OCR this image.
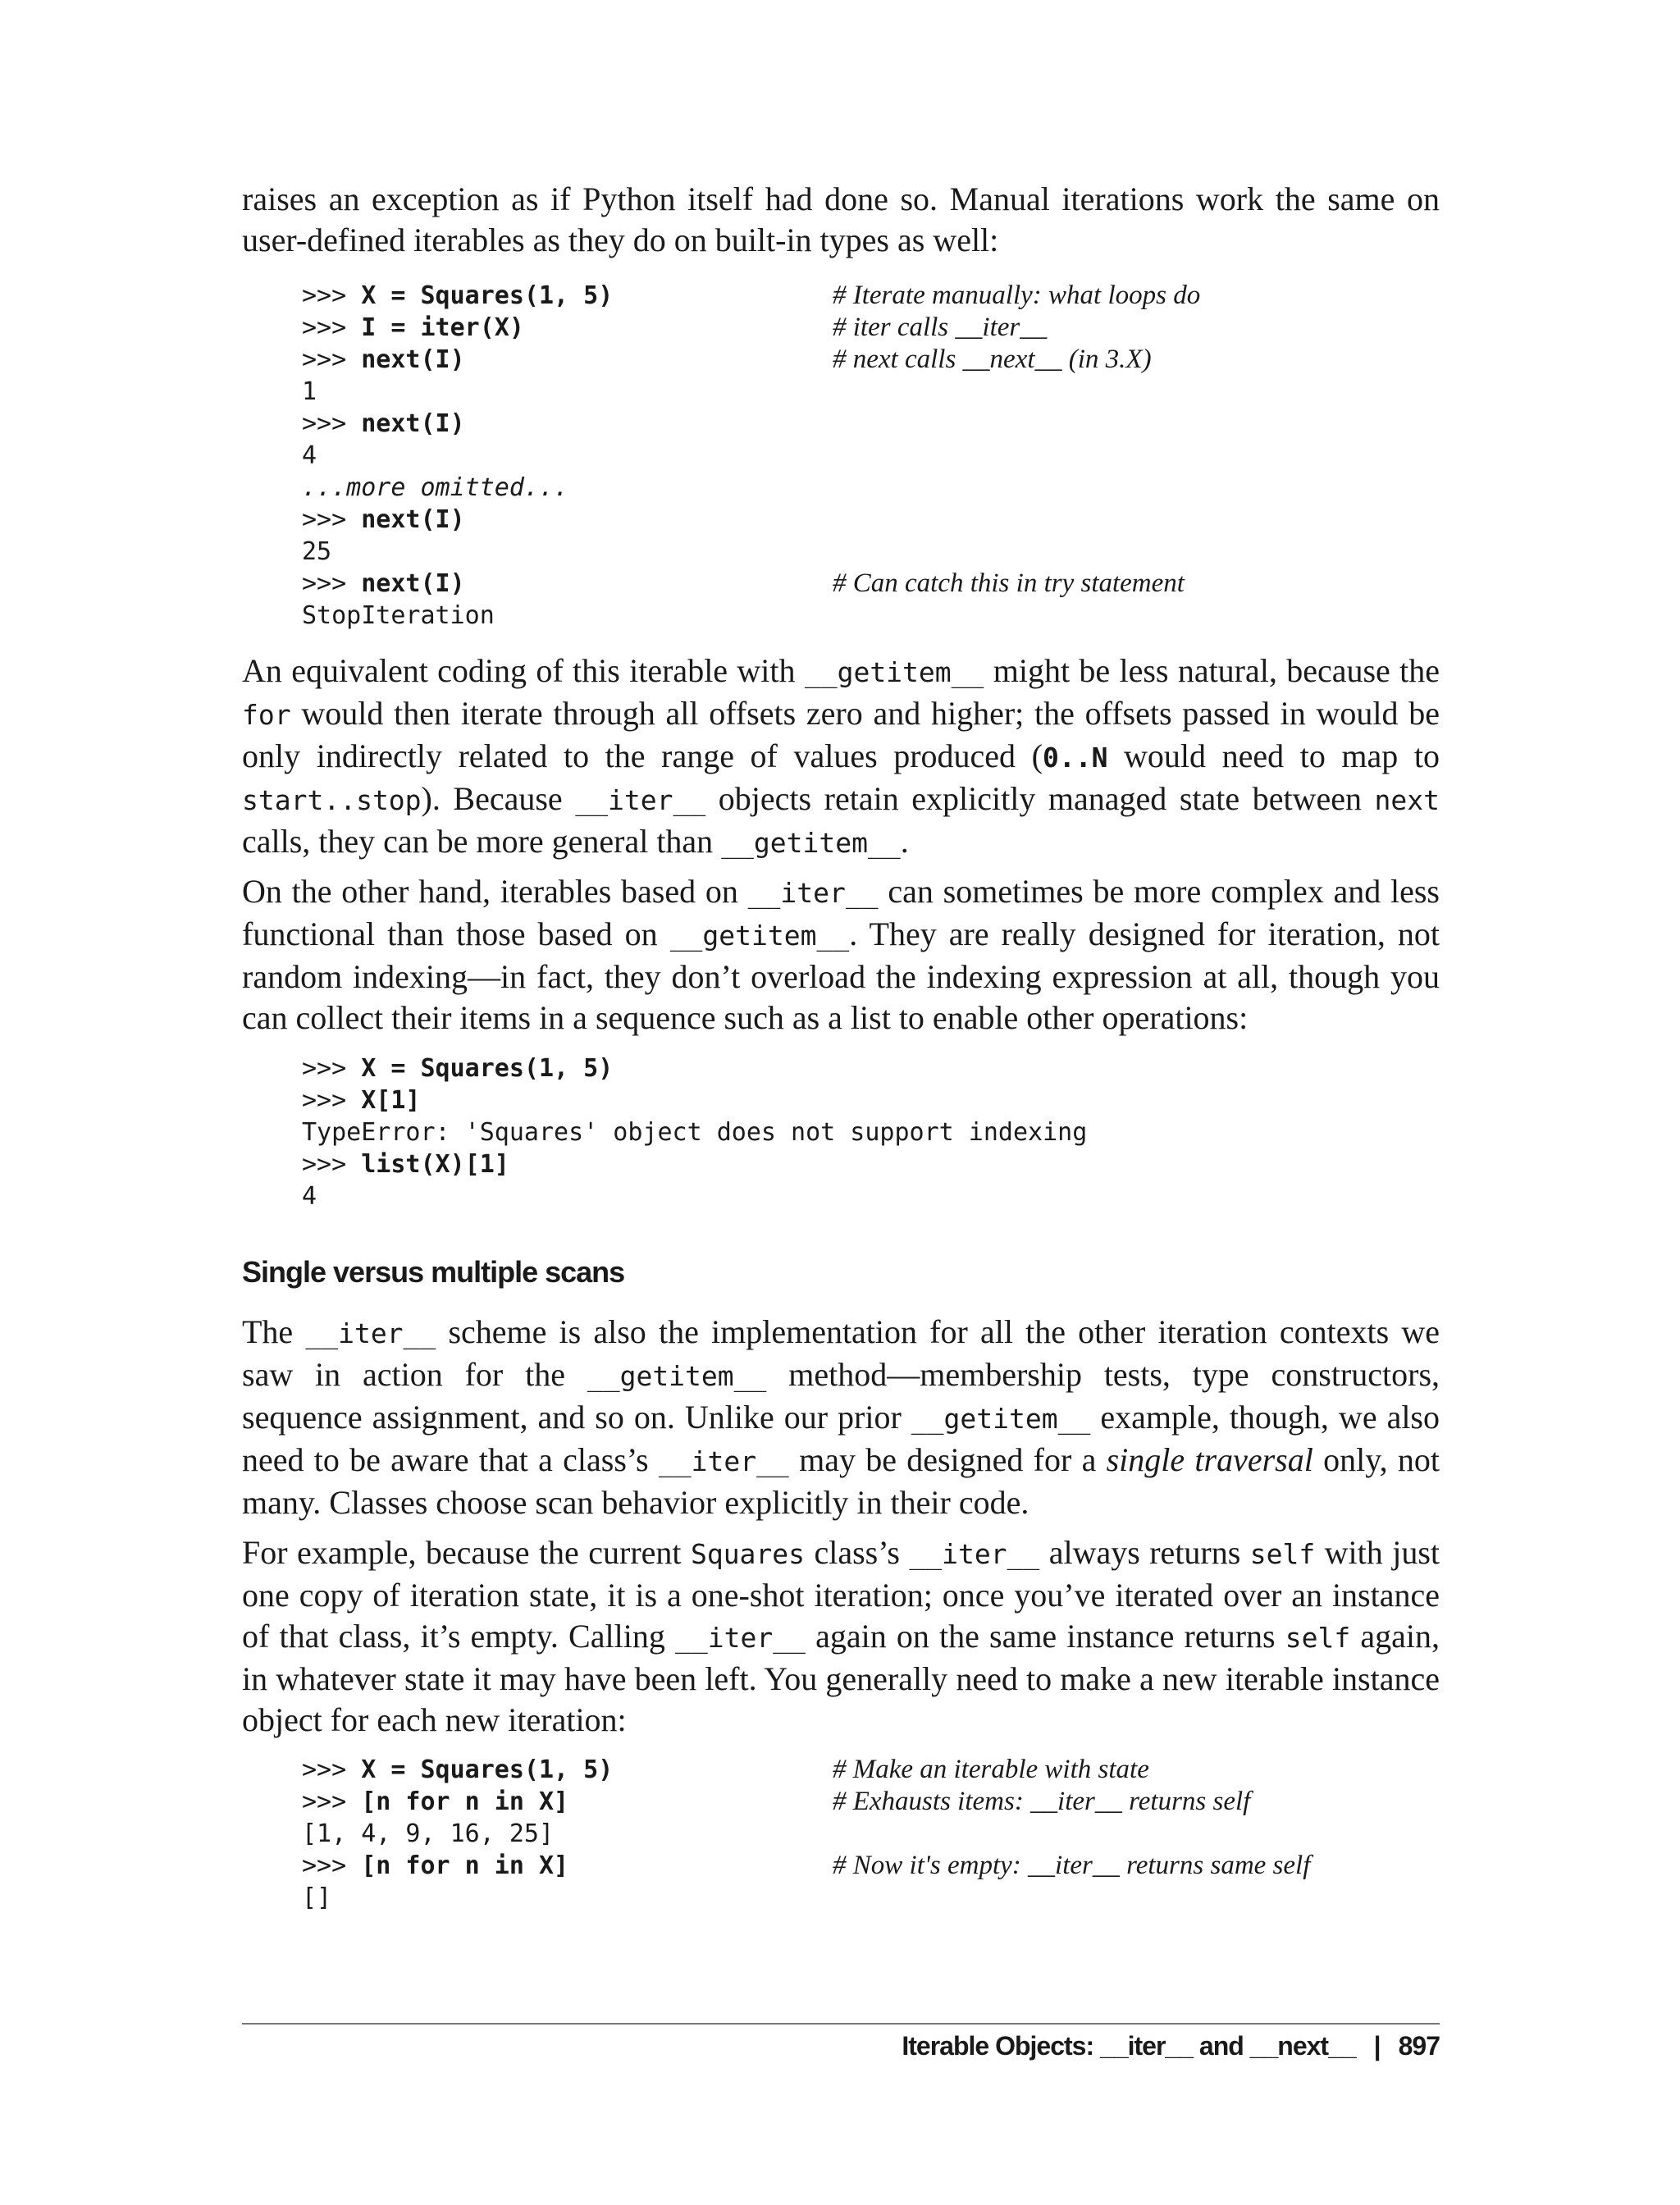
raises an exception as if Python itself had done so. Manual iterations work the same on user-defined iterables as they do on built-in types as well:

>>> X = Squares(1, 5)	# Iterate manually: what loops do
>>> I = iter(X)	# iter calls __iter__
>>> next(I)	# next calls __next__ (in 3.X)
1
>>> next(I)
4
...more omitted...
>>> next(I)
25
>>> next(I)	# Can catch this in try statement
StopIteration

An equivalent coding of this iterable with __getitem__ might be less natural, because the for would then iterate through all offsets zero and higher; the offsets passed in would be only indirectly related to the range of values produced (0..N would need to map to start..stop). Because __iter__ objects retain explicitly managed state between next calls, they can be more general than __getitem__.

On the other hand, iterables based on __iter__ can sometimes be more complex and less functional than those based on __getitem__. They are really designed for iteration, not random indexing—in fact, they don’t overload the indexing expression at all, though you can collect their items in a sequence such as a list to enable other operations:

>>> X = Squares(1, 5)
>>> X[1]
TypeError: 'Squares' object does not support indexing
>>> list(X)[1]
4
Single versus multiple scans

The __iter__ scheme is also the implementation for all the other iteration contexts we saw in action for the __getitem__ method—membership tests, type constructors, sequence assignment, and so on. Unlike our prior __getitem__ example, though, we also need to be aware that a class’s __iter__ may be designed for a single traversal only, not many. Classes choose scan behavior explicitly in their code.

For example, because the current Squares class’s __iter__ always returns self with just one copy of iteration state, it is a one-shot iteration; once you’ve iterated over an instance of that class, it’s empty. Calling __iter__ again on the same instance returns self again, in whatever state it may have been left. You generally need to make a new iterable instance object for each new iteration:

>>> X = Squares(1, 5)	# Make an iterable with state
>>> [n for n in X]	# Exhausts items: __iter__ returns self
[1, 4, 9, 16, 25]
>>> [n for n in X]	# Now it's empty: __iter__ returns same self
[]
Iterable Objects: __iter__ and __next__ | 897
